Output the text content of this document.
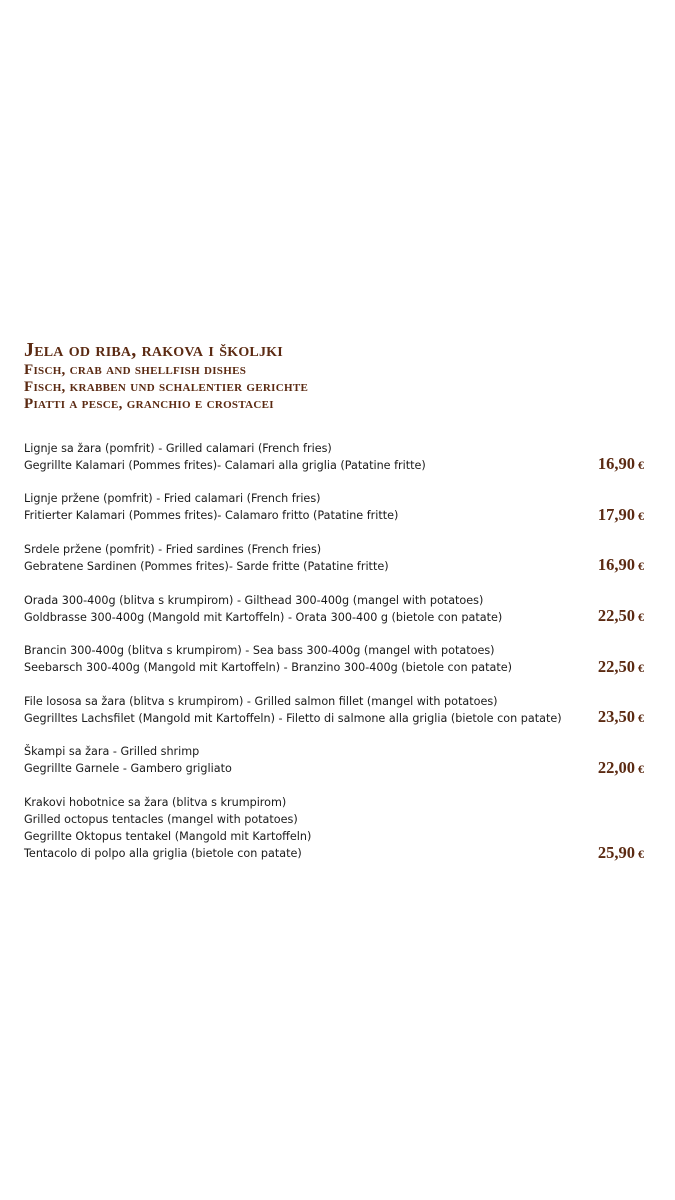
Jela od riba, rakova i školjki
Fisch, crab and shellfish dishes
Fisch, krabben und schalentier gerichte
Piatti a pesce, granchio e crostacei
Lignje sa žara (pomfrit) - Grilled calamari (French fries)
Gegrillte Kalamari (Pommes frites)- Calamari alla griglia (Patatine fritte)	16,90 €
Lignje pržene (pomfrit) - Fried calamari (French fries)
Fritierter Kalamari (Pommes frites)- Calamaro fritto (Patatine fritte)	17,90 €
Srdele pržene (pomfrit) - Fried sardines (French fries)
Gebratene Sardinen (Pommes frites)- Sarde fritte (Patatine fritte)	16,90 €
Orada 300-400g (blitva s krumpirom) - Gilthead 300-400g (mangel with potatoes)
Goldbrasse 300-400g (Mangold mit Kartoffeln) - Orata 300-400 g (bietole con patate)	22,50 €
Brancin 300-400g (blitva s krumpirom) - Sea bass 300-400g (mangel with potatoes)
Seebarsch 300-400g (Mangold mit Kartoffeln) - Branzino 300-400g (bietole con patate)	22,50 €
File lososa sa žara (blitva s krumpirom) - Grilled salmon fillet (mangel with potatoes)
Gegrilltes Lachsfilet (Mangold mit Kartoffeln) - Filetto di salmone alla griglia (bietole con patate)	23,50 €
Škampi sa žara - Grilled shrimp
Gegrillte Garnele - Gambero grigliato	22,00 €
Krakovi hobotnice sa žara (blitva s krumpirom)
Grilled octopus tentacles (mangel with potatoes)
Gegrillte Oktopus tentakel (Mangold mit Kartoffeln)
Tentacolo di polpo alla griglia (bietole con patate)	25,90 €
